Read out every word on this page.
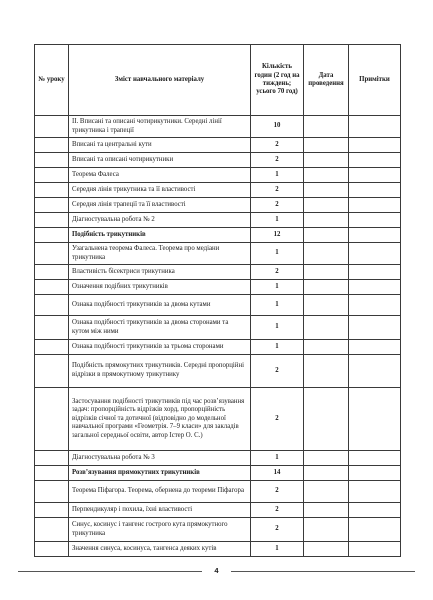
№ уроку	Зміст навчального матеріалу	Кількість годин (2 год на тиждень; усього 70 год)	Дата проведення	Примітки
	II. Вписані та описані чотирикутники. Середні лінії трикутника і трапеції	10		
	Вписані та центральні кути	2		
	Вписані та описані чотирикутники	2		
	Теорема Фалеса	1		
	Середня лінія трикутника та її властивості	2		
	Середня лінія трапеції та її властивості	2		
	Діагностувальна робота № 2	1		
	Подібність трикутників	12		
	Узагальнена теорема Фалеса. Теорема про медіани трикутника	1		
	Властивість бісектриси трикутника	2		
	Означення подібних трикутників	1		
	Ознака подібності трикутників за двома кутами	1		
	Ознака подібності трикутників за двома сторонами та кутом між ними	1		
	Ознака подібності трикутників за трьома сторонами	1		
	Подібність прямокутних трикутників. Середні пропорційні відрізки в прямокутному трикутнику	2		
	Застосування подібності трикутників під час розв’язування задач: пропорційність відрізків хорд, пропорційність відрізків січної та дотичної (відповідно до модельної навчальної програми «Геометрія. 7–9 класи» для закладів загальної середньої освіти, автор Істер О. С.)	2		
	Діагностувальна робота № 3	1		
	Розв’язування прямокутних трикутників	14		
	Теорема Піфагора. Теорема, обернена до теореми Піфагора	2		
	Перпендикуляр і похила, їхні властивості	2		
	Синус, косинус і тангенс гострого кута прямокутного трикутника	2		
	Значення синуса, косинуса, тангенса деяких кутів	1		
4
